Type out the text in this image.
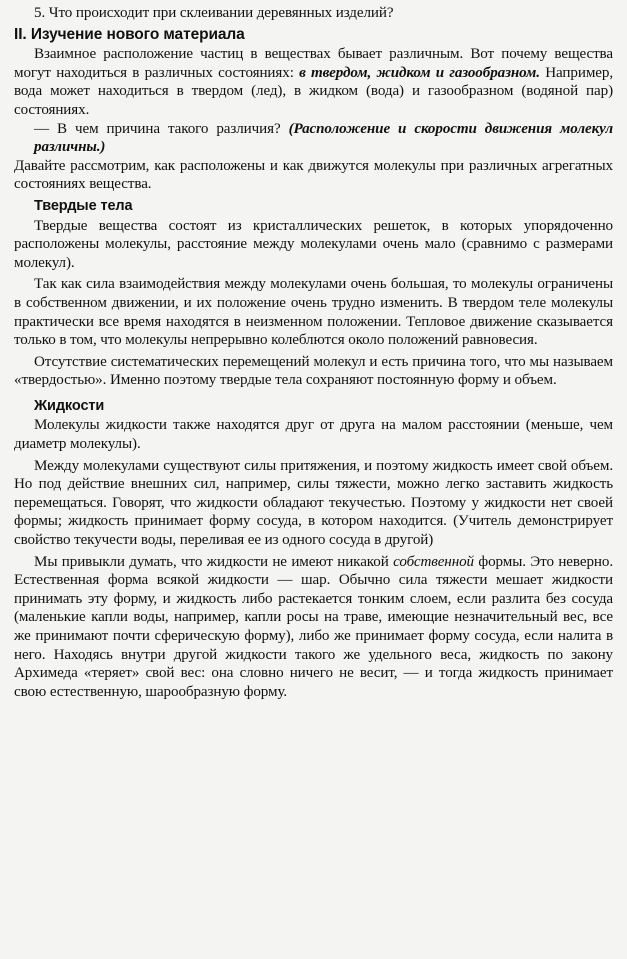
5. Что происходит при склеивании деревянных изделий?

II. Изучение нового материала

Взаимное расположение частиц в веществах бывает различным. Вот почему вещества могут находиться в различных состояниях: в твердом, жидком и газообразном. Например, вода может находиться в твердом (лед), в жидком (вода) и газообразном (водяной пар) состояниях.

— В чем причина такого различия? (Расположение и скорости движения молекул различны.)

Давайте рассмотрим, как расположены и как движутся молекулы при различных агрегатных состояниях вещества.

Твердые тела

Твердые вещества состоят из кристаллических решеток, в которых упорядоченно расположены молекулы, расстояние между молекулами очень мало (сравнимо с размерами молекул).

Так как сила взаимодействия между молекулами очень большая, то молекулы ограничены в собственном движении, и их положение очень трудно изменить. В твердом теле молекулы практически все время находятся в неизменном положении. Тепловое движение сказывается только в том, что молекулы непрерывно колеблются около положений равновесия.

Отсутствие систематических перемещений молекул и есть причина того, что мы называем «твердостью». Именно поэтому твердые тела сохраняют постоянную форму и объем.

Жидкости

Молекулы жидкости также находятся друг от друга на малом расстоянии (меньше, чем диаметр молекулы).

Между молекулами существуют силы притяжения, и поэтому жидкость имеет свой объем. Но под действие внешних сил, например, силы тяжести, можно легко заставить жидкость перемещаться. Говорят, что жидкости обладают текучестью. Поэтому у жидкости нет своей формы; жидкость принимает форму сосуда, в котором находится. (Учитель демонстрирует свойство текучести воды, переливая ее из одного сосуда в другой)

Мы привыкли думать, что жидкости не имеют никакой собственной формы. Это неверно. Естественная форма всякой жидкости — шар. Обычно сила тяжести мешает жидкости принимать эту форму, и жидкость либо растекается тонким слоем, если разлита без сосуда (маленькие капли воды, например, капли росы на траве, имеющие незначительный вес, все же принимают почти сферическую форму), либо же принимает форму сосуда, если налита в него. Находясь внутри другой жидкости такого же удельного веса, жидкость по закону Архимеда «теряет» свой вес: она словно ничего не весит, — и тогда жидкость принимает свою естественную, шарообразную форму.
